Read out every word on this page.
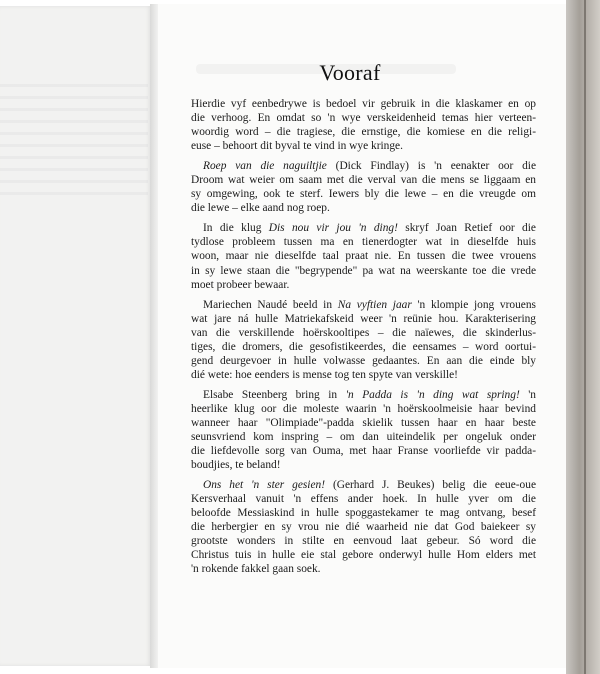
Vooraf
Hierdie vyf eenbedrywe is bedoel vir gebruik in die klaskamer en op
die verhoog. En omdat so 'n wye verskeidenheid temas hier verteen-
woordig word – die tragiese, die ernstige, die komiese en die religi-
euse – behoort dit byval te vind in wye kringe.
Roep van die naguiltjie (Dick Findlay) is 'n eenakter oor die
Droom wat weier om saam met die verval van die mens se liggaam en
sy omgewing, ook te sterf. Iewers bly die lewe – en die vreugde om
die lewe – elke aand nog roep.
In die klug Dis nou vir jou 'n ding! skryf Joan Retief oor die
tydlose probleem tussen ma en tienerdogter wat in dieselfde huis
woon, maar nie dieselfde taal praat nie. En tussen die twee vrouens
in sy lewe staan die "begrypende" pa wat na weerskante toe die vrede
moet probeer bewaar.
Mariechen Naudé beeld in Na vyftien jaar 'n klompie jong vrouens
wat jare ná hulle Matriekafskeid weer 'n reünie hou. Karakterisering
van die verskillende hoërskooltipes – die naïewes, die skinderlus-
tiges, die dromers, die gesofistikeerdes, die eensames – word oortui-
gend deurgevoer in hulle volwasse gedaantes. En aan die einde bly
dié wete: hoe eenders is mense tog ten spyte van verskille!
Elsabe Steenberg bring in 'n Padda is 'n ding wat spring! 'n
heerlike klug oor die moleste waarin 'n hoërskoolmeisie haar bevind
wanneer haar "Olimpiade"-padda skielik tussen haar en haar beste
seunsvriend kom inspring – om dan uiteindelik per ongeluk onder
die liefdevolle sorg van Ouma, met haar Franse voorliefde vir padda-
boudjies, te beland!
Ons het 'n ster gesien! (Gerhard J. Beukes) belig die eeue-oue
Kersverhaal vanuit 'n effens ander hoek. In hulle yver om die
beloofde Messiaskind in hulle spoggastekamer te mag ontvang, besef
die herbergier en sy vrou nie dié waarheid nie dat God baiekeer sy
grootste wonders in stilte en eenvoud laat gebeur. Só word die
Christus tuis in hulle eie stal gebore onderwyl hulle Hom elders met
'n rokende fakkel gaan soek.
